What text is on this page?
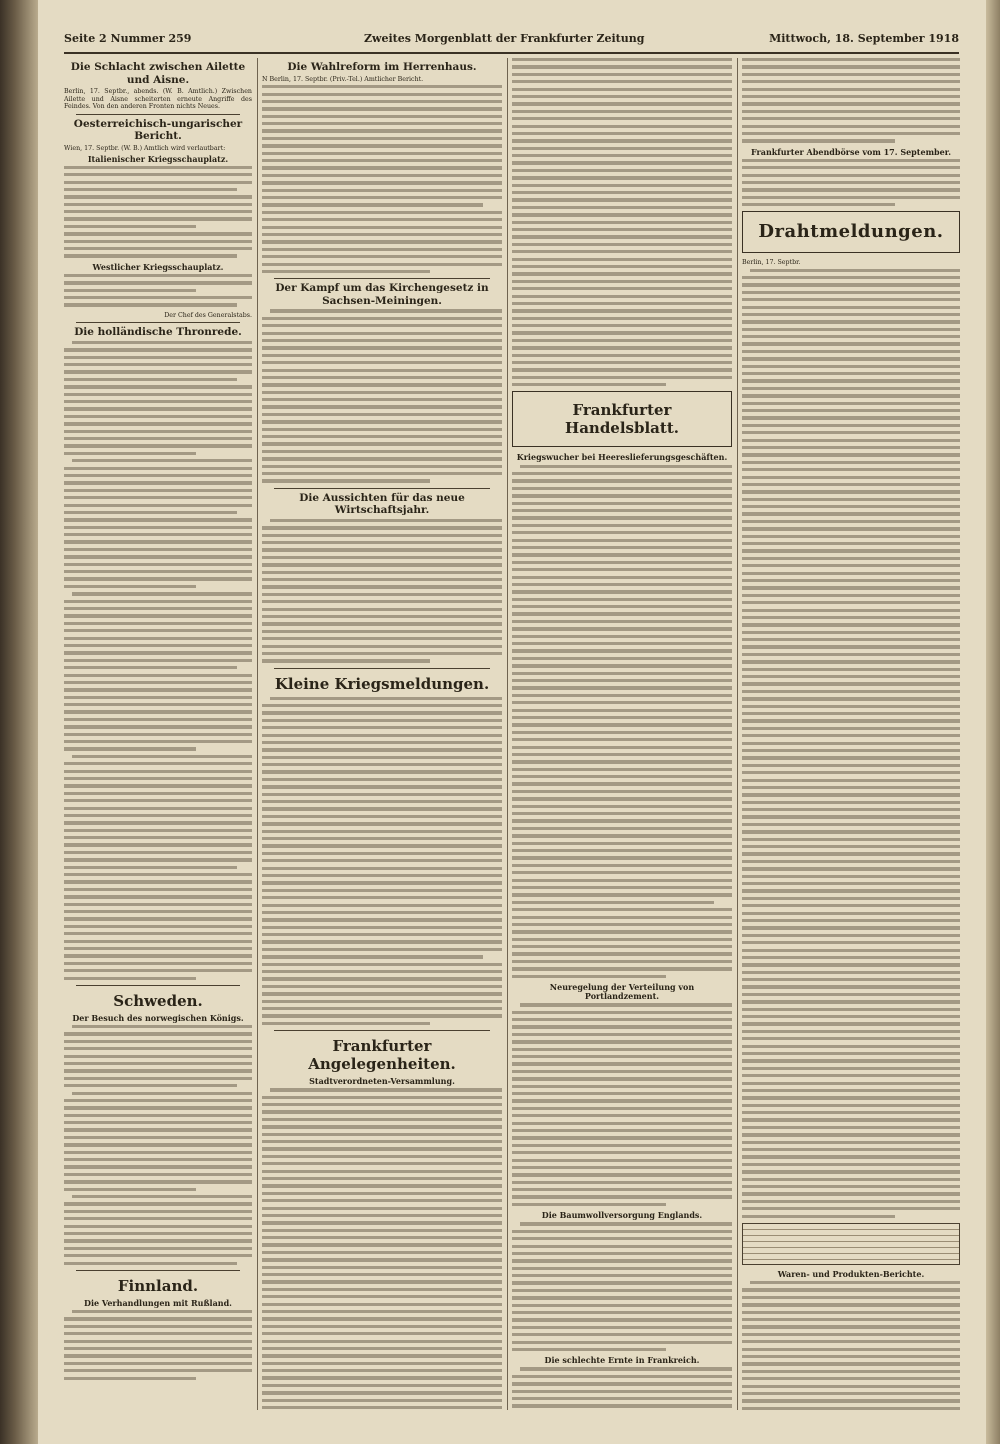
Seite 2 Nummer 259	Zweites Morgenblatt der Frankfurter Zeitung	Mittwoch, 18. September 1918
Die Schlacht zwischen Ailette und Aisne.

Berlin, 17. Septbr., abends. (W. B. Amtlich.) Zwischen Ailette und Aisne scheiterten erneute Angriffe des Feindes. Von den anderen Fronten nichts Neues.

Oesterreichisch-ungarischer Bericht.

Wien, 17. Septbr. (W. B.) Amtlich wird verlautbart:

Italienischer Kriegsschauplatz.
Westlicher Kriegsschauplatz.

Der Chef des Generalstabs.

Die holländische Thronrede.
Schweden.
Der Besuch des norwegischen Königs.
Finnland.
Die Verhandlungen mit Rußland.
Die Wahlreform im Herrenhaus.

N Berlin, 17. Septbr. (Priv.-Tel.) Amtlicher Bericht.

Der Kampf um das Kirchengesetz in Sachsen-Meiningen.
Die Aussichten für das neue Wirtschaftsjahr.
Kleine Kriegsmeldungen.
Frankfurter Angelegenheiten.
Stadtverordneten-Versammlung.
Frankfurter Handelsblatt.
Kriegswucher bei Heereslieferungsgeschäften.
Neuregelung der Verteilung von Portlandzement.
Die Baumwollversorgung Englands.
Die schlechte Ernte in Frankreich.
Frankfurter Abendbörse vom 17. September.
Drahtmeldungen.

Berlin, 17. Septbr.

Waren- und Produkten-Berichte.
